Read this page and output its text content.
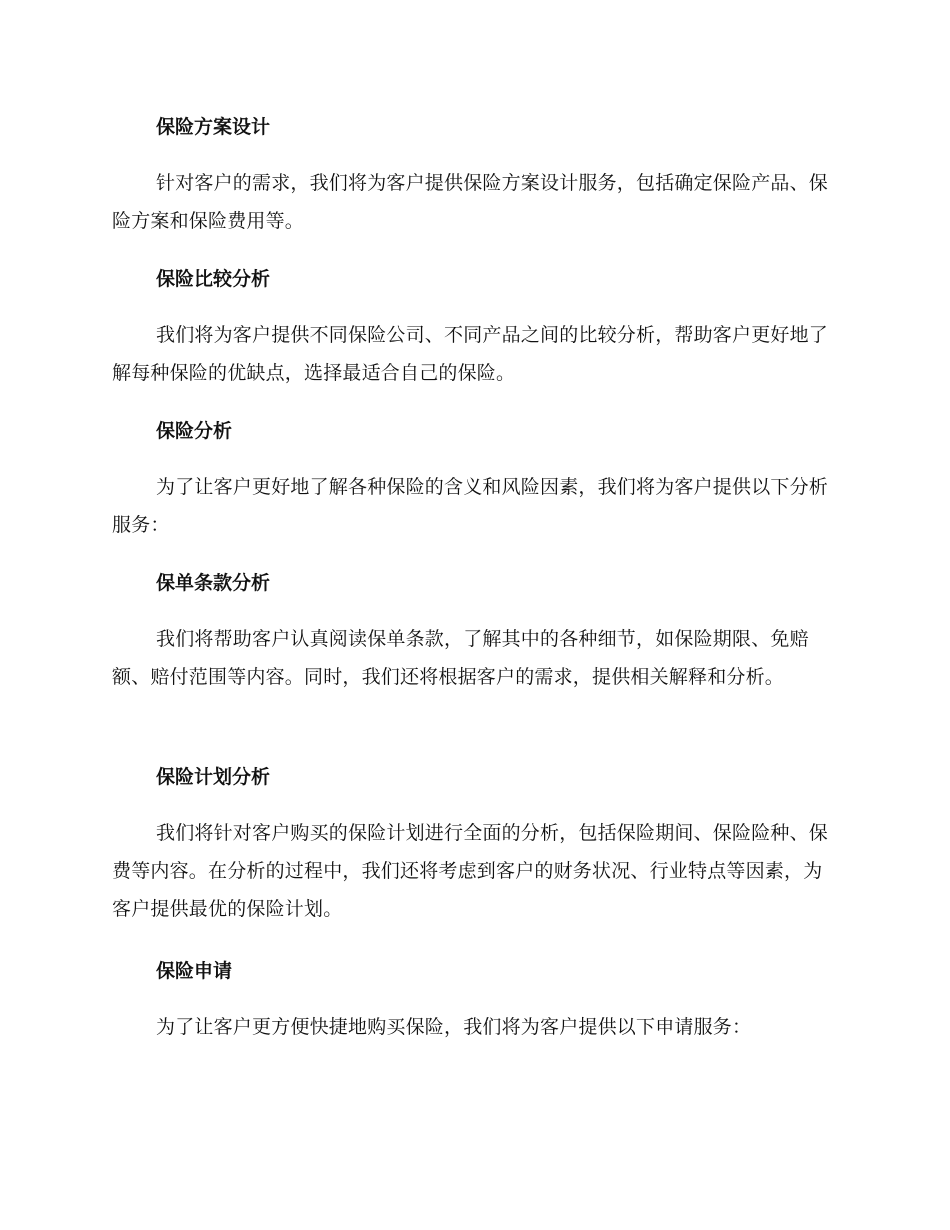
保险方案设计

针对客户的需求，我们将为客户提供保险方案设计服务，包括确定保险产品、保险方案和保险费用等。

保险比较分析

我们将为客户提供不同保险公司、不同产品之间的比较分析，帮助客户更好地了解每种保险的优缺点，选择最适合自己的保险。

保险分析

为了让客户更好地了解各种保险的含义和风险因素，我们将为客户提供以下分析服务：

保单条款分析

我们将帮助客户认真阅读保单条款，了解其中的各种细节，如保险期限、免赔额、赔付范围等内容。同时，我们还将根据客户的需求，提供相关解释和分析。

保险计划分析

我们将针对客户购买的保险计划进行全面的分析，包括保险期间、保险险种、保费等内容。在分析的过程中，我们还将考虑到客户的财务状况、行业特点等因素，为客户提供最优的保险计划。

保险申请

为了让客户更方便快捷地购买保险，我们将为客户提供以下申请服务：
